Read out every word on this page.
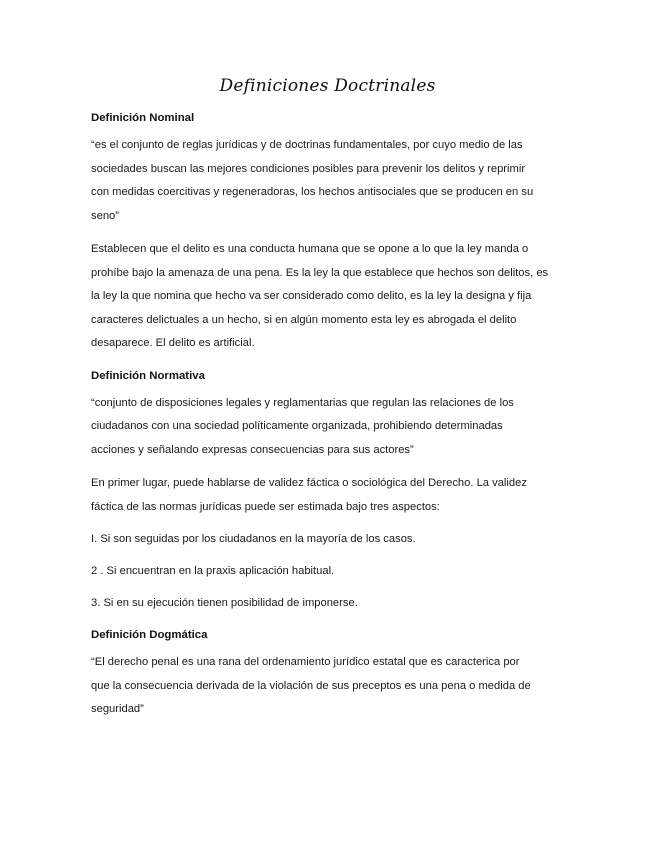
Definiciones Doctrinales
Definición Nominal
“es el conjunto de reglas jurídicas y de doctrinas fundamentales, por cuyo medio de las
sociedades buscan las mejores condiciones posibles para prevenir los delitos y reprimir
con medidas coercitivas y regeneradoras, los hechos antisociales que se producen en su
seno”
Establecen que el delito es una conducta humana que se opone a lo que la ley manda o
prohíbe bajo la amenaza de una pena. Es la ley la que establece que hechos son delitos, es
la ley la que nomina que hecho va ser considerado como delito, es la ley la designa y fija
caracteres delictuales a un hecho, si en algún momento esta ley es abrogada el delito
desaparece. El delito es artificial.
Definición Normativa
“conjunto de disposiciones legales y reglamentarias que regulan las relaciones de los
ciudadanos con una sociedad políticamente organizada, prohibiendo determinadas
acciones y señalando expresas consecuencias para sus actores”
En primer lugar, puede hablarse de validez fáctica o sociológica del Derecho. La validez
fáctica de las normas jurídicas puede ser estimada bajo tres aspectos:
I. Si son seguidas por los ciudadanos en la mayoría de los casos.
2 . Si encuentran en la praxis aplicación habitual.
3. Si en su ejecución tienen posibilidad de imponerse.
Definición Dogmática
“El derecho penal es una rana del ordenamiento jurídico estatal que es caracterica por
que la consecuencia derivada de la violación de sus preceptos es una pena o medida de
seguridad”
